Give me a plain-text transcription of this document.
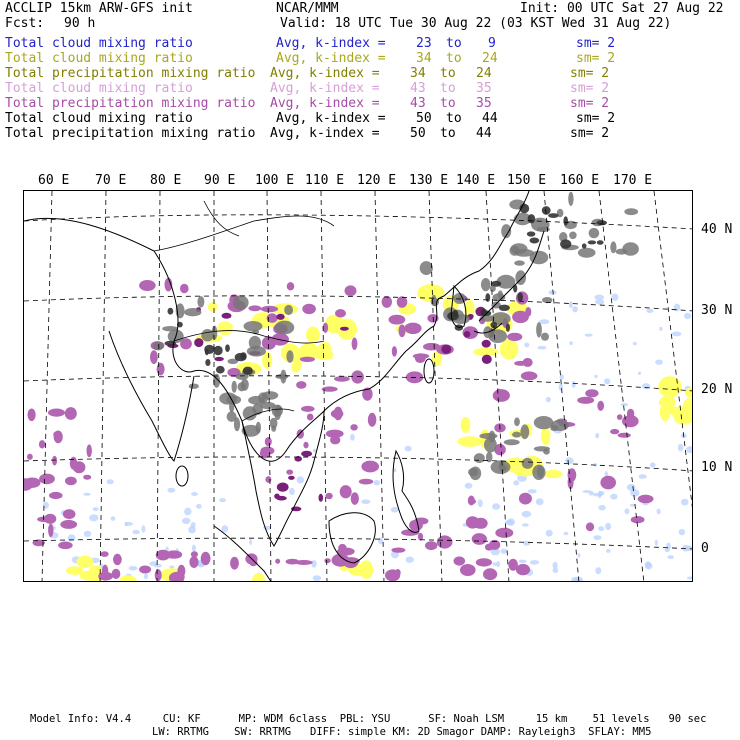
ACCLIP 15km ARW-GFS init	NCAR/MMM	Init: 00 UTC Sat 27 Aug 22
Fcst: 90 h	Valid: 18 UTC Tue 30 Aug 22 (03 KST Wed 31 Aug 22)
Total cloud mixing ratio	Avg, k-index = 23 to 9	sm= 2
Total cloud mixing ratio	Avg, k-index = 34 to 24	sm= 2
Total precipitation mixing ratio Avg, k-index = 34 to 24	sm= 2
Total cloud mixing ratio	Avg, k-index = 43 to 35	sm= 2
Total precipitation mixing ratio Avg, k-index = 43 to 35	sm= 2
Total cloud mixing ratio	Avg, k-index = 50 to 44	sm= 2
Total precipitation mixing ratio Avg, k-index = 50 to 44	sm= 2
60 E 70 E 80 E 90 E 100 E 110 E 120 E 130 E 140 E 150 E 160 E 170 E
40 N
30 N
20 N
10 N
0
Model Info: V4.4     CU: KF      MP: WDM 6class  PBL: YSU      SF: Noah LSM     15 km    51 levels   90 sec
LW: RRTMG    SW: RRTMG   DIFF: simple KM: 2D Smagor DAMP: Rayleigh3  SFLAY: MM5
